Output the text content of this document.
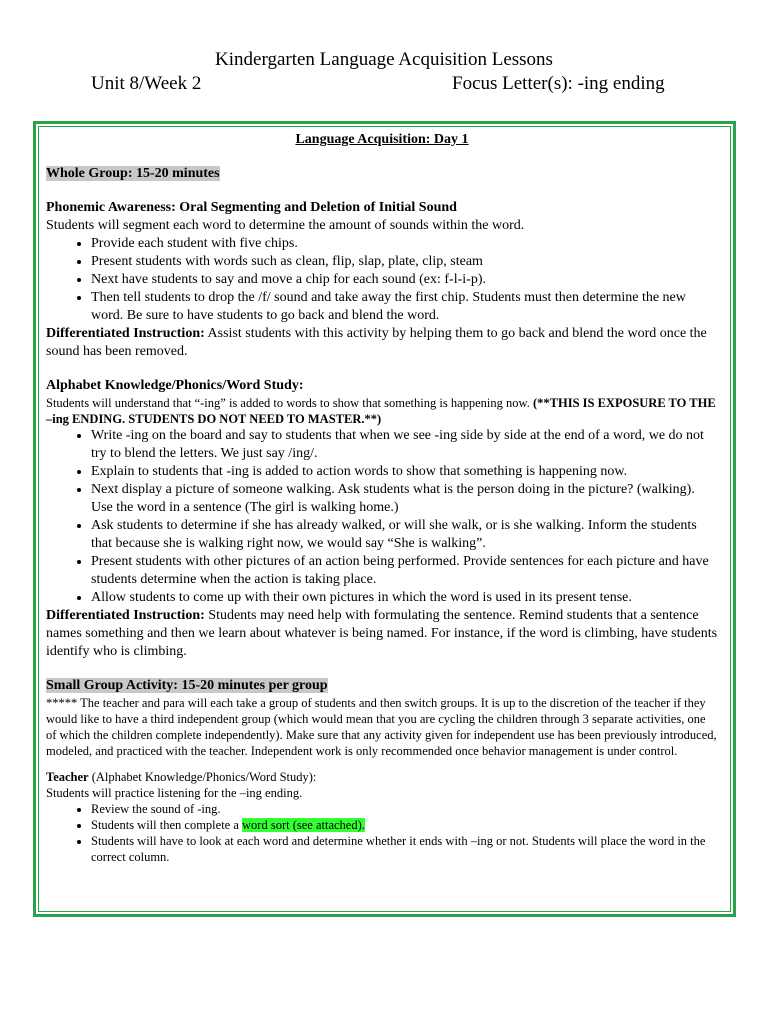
Kindergarten Language Acquisition Lessons
Unit 8/Week 2	Focus Letter(s): -ing ending
Language Acquisition: Day 1
Whole Group: 15-20 minutes
Phonemic Awareness: Oral Segmenting and Deletion of Initial Sound
Students will segment each word to determine the amount of sounds within the word.
• Provide each student with five chips.
• Present students with words such as clean, flip, slap, plate, clip, steam
• Next have students to say and move a chip for each sound (ex: f-l-i-p).
• Then tell students to drop the /f/ sound and take away the first chip. Students must then determine the new word. Be sure to have students to go back and blend the word.
Differentiated Instruction: Assist students with this activity by helping them to go back and blend the word once the sound has been removed.
Alphabet Knowledge/Phonics/Word Study:
Students will understand that “-ing” is added to words to show that something is happening now. (**THIS IS EXPOSURE TO THE –ing ENDING. STUDENTS DO NOT NEED TO MASTER.**)
• Write -ing on the board and say to students that when we see -ing side by side at the end of a word, we do not try to blend the letters. We just say /ing/.
• Explain to students that -ing is added to action words to show that something is happening now.
• Next display a picture of someone walking. Ask students what is the person doing in the picture? (walking). Use the word in a sentence (The girl is walking home.)
• Ask students to determine if she has already walked, or will she walk, or is she walking. Inform the students that because she is walking right now, we would say “She is walking”.
• Present students with other pictures of an action being performed. Provide sentences for each picture and have students determine when the action is taking place.
• Allow students to come up with their own pictures in which the word is used in its present tense.
Differentiated Instruction: Students may need help with formulating the sentence. Remind students that a sentence names something and then we learn about whatever is being named. For instance, if the word is climbing, have students identify who is climbing.
Small Group Activity: 15-20 minutes per group
***** The teacher and para will each take a group of students and then switch groups. It is up to the discretion of the teacher if they would like to have a third independent group (which would mean that you are cycling the children through 3 separate activities, one of which the children complete independently). Make sure that any activity given for independent use has been previously introduced, modeled, and practiced with the teacher. Independent work is only recommended once behavior management is under control.
Teacher (Alphabet Knowledge/Phonics/Word Study):
Students will practice listening for the –ing ending.
• Review the sound of -ing.
• Students will then complete a word sort (see attached).
• Students will have to look at each word and determine whether it ends with –ing or not. Students will place the word in the correct column.
